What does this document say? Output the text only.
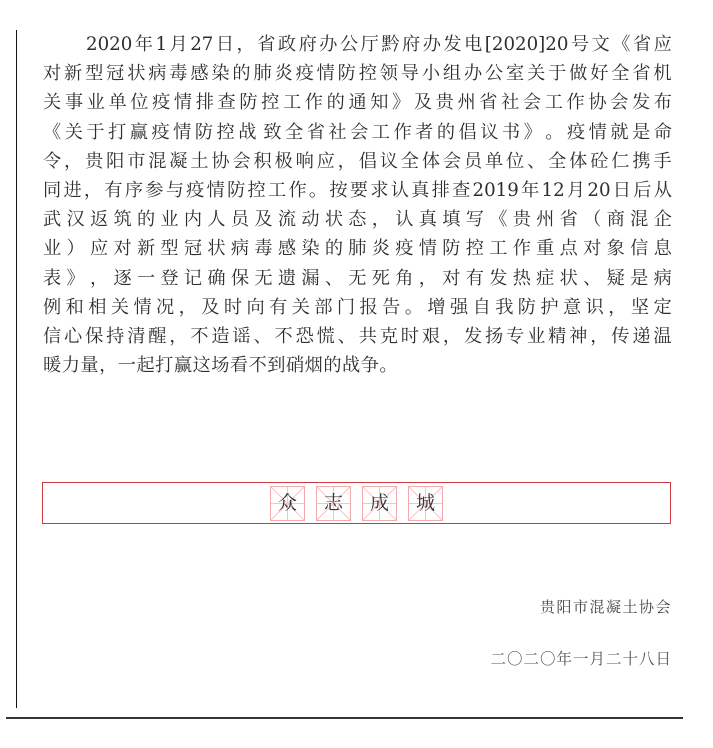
2020 年 1 月 27 日 ， 省 政 府 办 公 厅 黔 府 办 发 电 [2020]20 号 文 《 省 应
对 新 型 冠 状 病 毒 感 染 的 肺 炎 疫 情 防 控 领 导 小 组 办 公 室 关 于 做 好 全 省 机
关 事 业 单 位 疫 情 排 查 防 控 工 作 的 通 知 》 及 贵 州 省 社 会 工 作 协 会 发 布
《 关 于 打 赢 疫 情 防 控 战 致 全 省 社 会 工 作 者 的 倡 议 书 》 。 疫 情 就 是 命
令 ， 贵 阳 市 混 凝 土 协 会 积 极 响 应 ， 倡 议 全 体 会 员 单 位 、 全 体 砼 仁 携 手
同 进 ， 有 序 参 与 疫 情 防 控 工 作 。 按 要 求 认 真 排 查 2019 年 12 月 20 日 后 从
武 汉 返 筑 的 业 内 人 员 及 流 动 状 态 ， 认 真 填 写 《 贵 州 省 （ 商 混 企
业 ） 应 对 新 型 冠 状 病 毒 感 染 的 肺 炎 疫 情 防 控 工 作 重 点 对 象 信 息
表 》 ， 逐 一 登 记 确 保 无 遗 漏 、 无 死 角 ， 对 有 发 热 症 状 、 疑 是 病
例 和 相 关 情 况 ， 及 时 向 有 关 部 门 报 告 。 增 强 自 我 防 护 意 识 ， 坚 定
信 心 保 持 清 醒 ， 不 造 谣 、 不 恐 慌 、 共 克 时 艰 ， 发 扬 专 业 精 神 ， 传 递 温
暖力量，一起打赢这场看不到硝烟的战争。
众 志 成 城
贵阳市混凝土协会
二〇二〇年一月二十八日
